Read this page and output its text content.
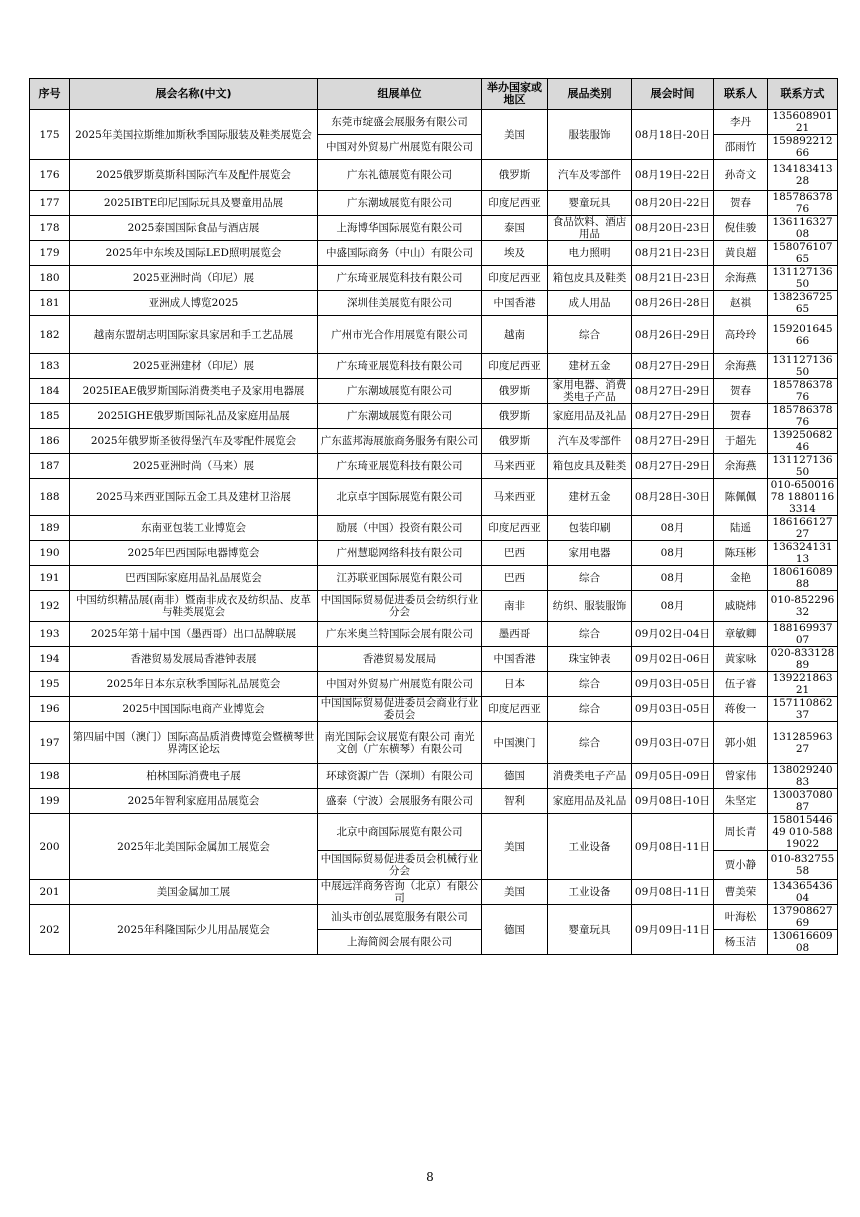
序号	展会名称(中文)	组展单位	举办国家或地区	展品类别	展会时间	联系人	联系方式
175	2025年美国拉斯维加斯秋季国际服装及鞋类展览会	东莞市绽盛会展服务有限公司	美国	服装服饰	08月18日-20日	李丹	13560890121
		中国对外贸易广州展览有限公司				邵雨竹	15989221266
176	2025俄罗斯莫斯科国际汽车及配件展览会	广东礼德展览有限公司	俄罗斯	汽车及零部件	08月19日-22日	孙奇文	13418341328
177	2025IBTE印尼国际玩具及婴童用品展	广东潮域展览有限公司	印度尼西亚	婴童玩具	08月20日-22日	贺春	18578637876
178	2025泰国国际食品与酒店展	上海博华国际展览有限公司	泰国	食品饮料、酒店用品	08月20日-23日	倪佳骏	13611632708
179	2025年中东埃及国际LED照明展览会	中盛国际商务（中山）有限公司	埃及	电力照明	08月21日-23日	黄良超	15807610765
180	2025亚洲时尚（印尼）展	广东琦亚展览科技有限公司	印度尼西亚	箱包皮具及鞋类	08月21日-23日	余海燕	13112713650
181	亚洲成人博览2025	深圳佳美展览有限公司	中国香港	成人用品	08月26日-28日	赵祺	13823672565
182	越南东盟胡志明国际家具家居和手工艺品展	广州市光合作用展览有限公司	越南	综合	08月26日-29日	高玲玲	15920164566
183	2025亚洲建材（印尼）展	广东琦亚展览科技有限公司	印度尼西亚	建材五金	08月27日-29日	余海燕	13112713650
184	2025IEAE俄罗斯国际消费类电子及家用电器展	广东潮域展览有限公司	俄罗斯	家用电器、消费类电子产品	08月27日-29日	贺春	18578637876
185	2025IGHE俄罗斯国际礼品及家庭用品展	广东潮域展览有限公司	俄罗斯	家庭用品及礼品	08月27日-29日	贺春	18578637876
186	2025年俄罗斯圣彼得堡汽车及零配件展览会	广东蓝邦海展旅商务服务有限公司	俄罗斯	汽车及零部件	08月27日-29日	于超先	13925068246
187	2025亚洲时尚（马来）展	广东琦亚展览科技有限公司	马来西亚	箱包皮具及鞋类	08月27日-29日	余海燕	13112713650
188	2025马来西亚国际五金工具及建材卫浴展	北京卓宇国际展览有限公司	马来西亚	建材五金	08月28日-30日	陈佩佩	010-65001678 18801163314
189	东南亚包装工业博览会	励展（中国）投资有限公司	印度尼西亚	包装印刷	08月	陆遥	18616612727
190	2025年巴西国际电器博览会	广州慧聪网络科技有限公司	巴西	家用电器	08月	陈珏彬	13632413113
191	巴西国际家庭用品礼品展览会	江苏联亚国际展览有限公司	巴西	综合	08月	金艳	18061608988
192	中国纺织精品展(南非）暨南非成衣及纺织品、皮革与鞋类展览会	中国国际贸易促进委员会纺织行业分会	南非	纺织、服装服饰	08月	戚晓炜	010-85229632
193	2025年第十届中国（墨西哥）出口品牌联展	广东米奥兰特国际会展有限公司	墨西哥	综合	09月02日-04日	章敏卿	18816993707
194	香港贸易发展局香港钟表展	香港贸易发展局	中国香港	珠宝钟表	09月02日-06日	黄家咏	020-83312889
195	2025年日本东京秋季国际礼品展览会	中国对外贸易广州展览有限公司	日本	综合	09月03日-05日	伍子睿	13922186321
196	2025中国国际电商产业博览会	中国国际贸易促进委员会商业行业委员会	印度尼西亚	综合	09月03日-05日	蒋俊一	15711086237
197	第四届中国（澳门）国际高品质消费博览会暨横琴世界湾区论坛	南光国际会议展览有限公司 南光文创（广东横琴）有限公司	中国澳门	综合	09月03日-07日	郭小姐	13128596327
198	柏林国际消费电子展	环球资源广告（深圳）有限公司	德国	消费类电子产品	09月05日-09日	曾家伟	13802924083
199	2025年智利家庭用品展览会	盛泰（宁波）会展服务有限公司	智利	家庭用品及礼品	09月08日-10日	朱坚定	13003708087
200	2025年北美国际金属加工展览会	北京中商国际展览有限公司	美国	工业设备	09月08日-11日	周长青	15801544649 010-58819022
		中国国际贸易促进委员会机械行业分会				贾小静	010-83275558
201	美国金属加工展	中展远洋商务咨询（北京）有限公司	美国	工业设备	09月08日-11日	曹美荣	13436543604
202	2025年科隆国际少儿用品展览会	汕头市创弘展览服务有限公司	德国	婴童玩具	09月09日-11日	叶海松	13790862769
		上海简阅会展有限公司				杨玉洁	13061660908
8
